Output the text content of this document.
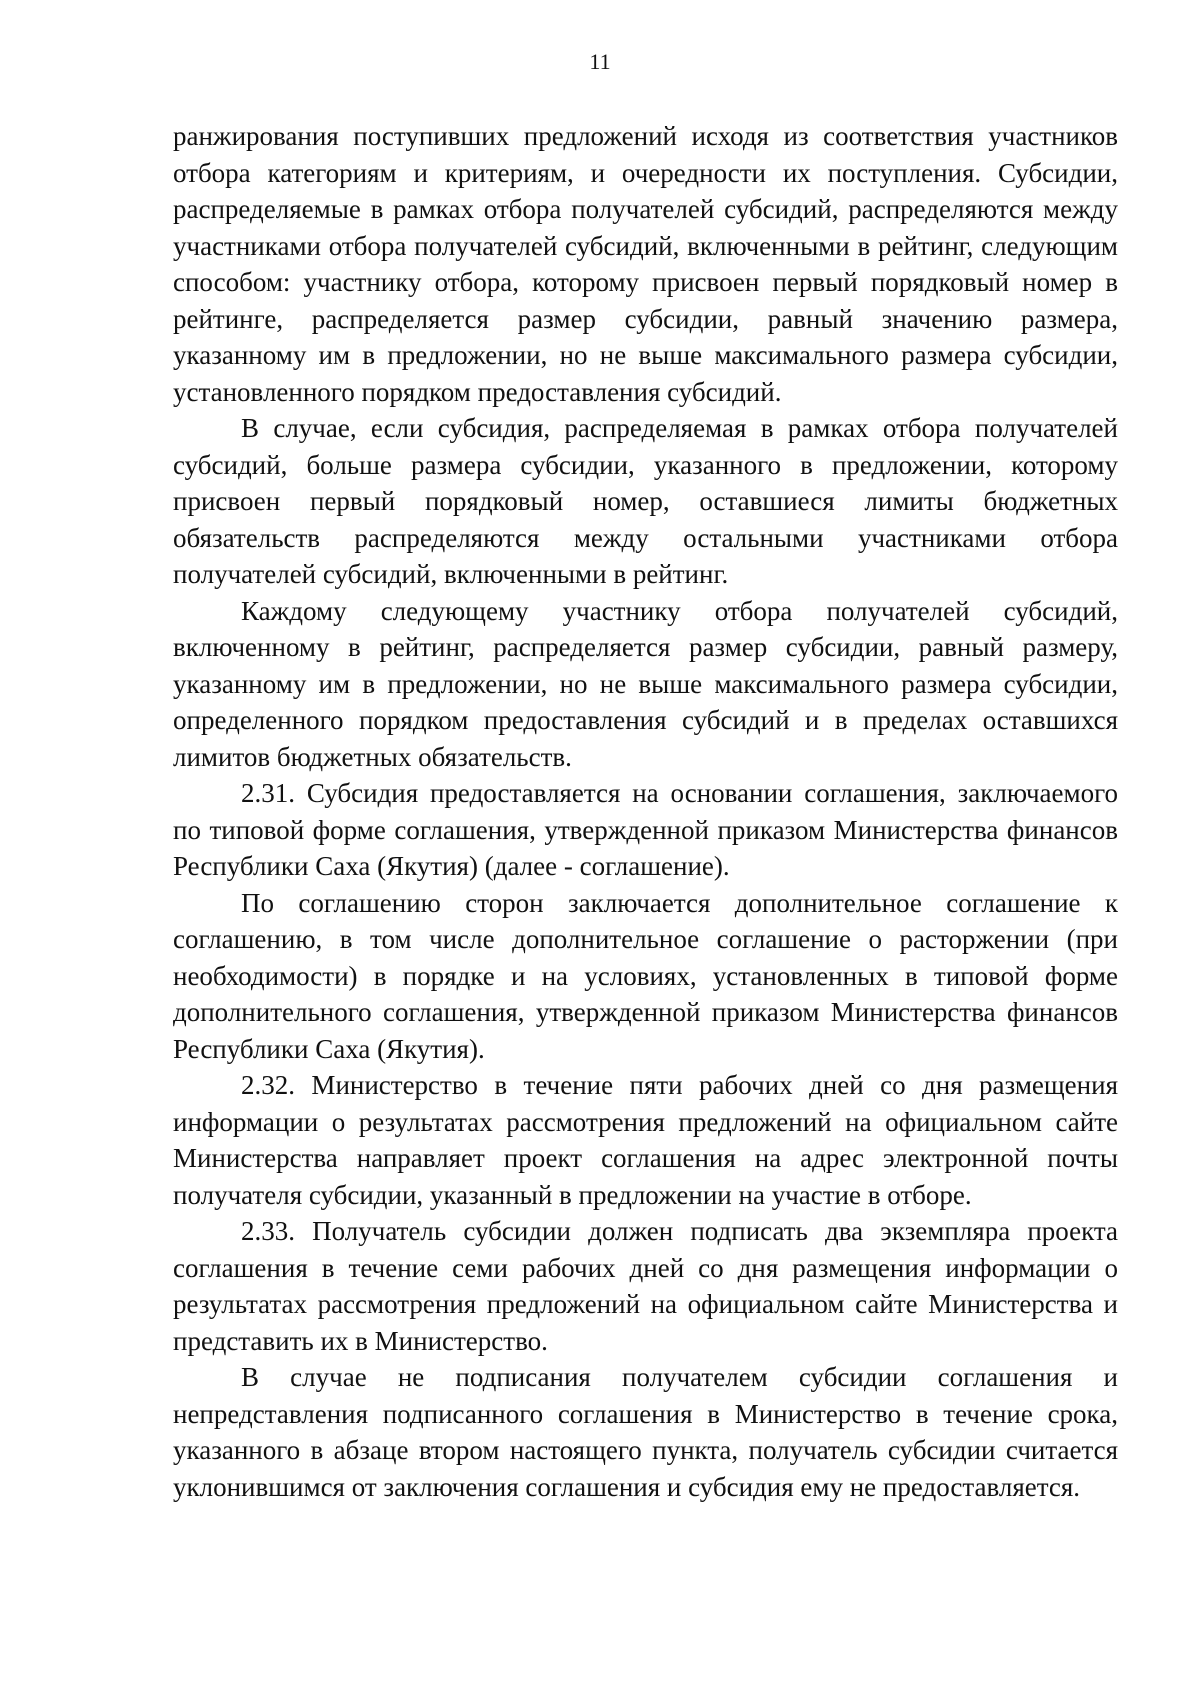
11

ранжирования поступивших предложений исходя из соответствия участников отбора категориям и критериям, и очередности их поступления. Субсидии, распределяемые в рамках отбора получателей субсидий, распределяются между участниками отбора получателей субсидий, включенными в рейтинг, следующим способом: участнику отбора, которому присвоен первый порядковый номер в рейтинге, распределяется размер субсидии, равный значению размера, указанному им в предложении, но не выше максимального размера субсидии, установленного порядком предоставления субсидий.

В случае, если субсидия, распределяемая в рамках отбора получателей субсидий, больше размера субсидии, указанного в предложении, которому присвоен первый порядковый номер, оставшиеся лимиты бюджетных обязательств распределяются между остальными участниками отбора получателей субсидий, включенными в рейтинг.

Каждому следующему участнику отбора получателей субсидий, включенному в рейтинг, распределяется размер субсидии, равный размеру, указанному им в предложении, но не выше максимального размера субсидии, определенного порядком предоставления субсидий и в пределах оставшихся лимитов бюджетных обязательств.

2.31. Субсидия предоставляется на основании соглашения, заключаемого по типовой форме соглашения, утвержденной приказом Министерства финансов Республики Саха (Якутия) (далее - соглашение).

По соглашению сторон заключается дополнительное соглашение к соглашению, в том числе дополнительное соглашение о расторжении (при необходимости) в порядке и на условиях, установленных в типовой форме дополнительного соглашения, утвержденной приказом Министерства финансов Республики Саха (Якутия).

2.32. Министерство в течение пяти рабочих дней со дня размещения информации о результатах рассмотрения предложений на официальном сайте Министерства направляет проект соглашения на адрес электронной почты получателя субсидии, указанный в предложении на участие в отборе.

2.33. Получатель субсидии должен подписать два экземпляра проекта соглашения в течение семи рабочих дней со дня размещения информации о результатах рассмотрения предложений на официальном сайте Министерства и представить их в Министерство.

В случае не подписания получателем субсидии соглашения и непредставления подписанного соглашения в Министерство в течение срока, указанного в абзаце втором настоящего пункта, получатель субсидии считается уклонившимся от заключения соглашения и субсидия ему не предоставляется.
